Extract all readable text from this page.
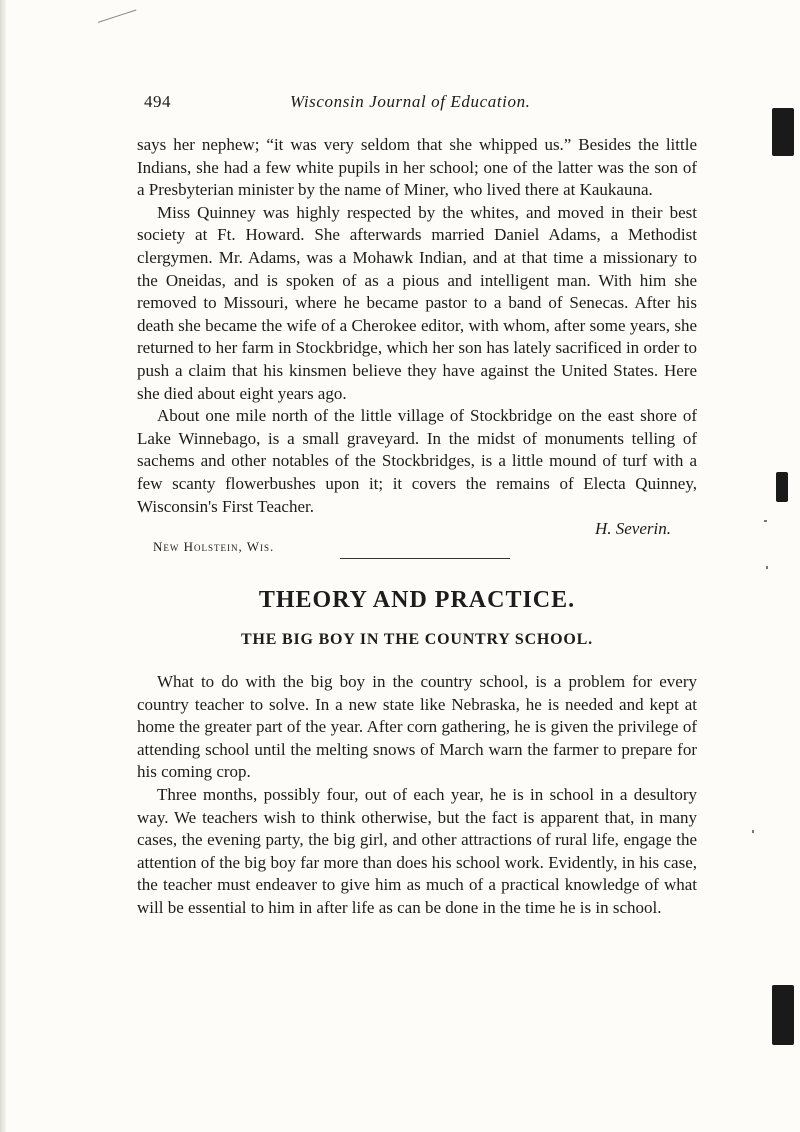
494	Wisconsin Journal of Education.

says her nephew; “it was very seldom that she whipped us.” Besides the little Indians, she had a few white pupils in her school; one of the latter was the son of a Presbyterian minister by the name of Miner, who lived there at Kaukauna.

Miss Quinney was highly respected by the whites, and moved in their best society at Ft. Howard. She afterwards married Daniel Adams, a Methodist clergymen. Mr. Adams, was a Mohawk Indian, and at that time a missionary to the Oneidas, and is spoken of as a pious and intelligent man. With him she removed to Missouri, where he became pastor to a band of Senecas. After his death she became the wife of a Cherokee editor, with whom, after some years, she returned to her farm in Stockbridge, which her son has lately sacrificed in order to push a claim that his kinsmen believe they have against the United States. Here she died about eight years ago.

About one mile north of the little village of Stockbridge on the east shore of Lake Winnebago, is a small graveyard. In the midst of monuments telling of sachems and other notables of the Stockbridges, is a little mound of turf with a few scanty flowerbushes upon it; it covers the remains of Electa Quinney, Wisconsin's First Teacher.

H. Severin.

New Holstein, Wis.

THEORY AND PRACTICE.
THE BIG BOY IN THE COUNTRY SCHOOL.

What to do with the big boy in the country school, is a problem for every country teacher to solve. In a new state like Nebraska, he is needed and kept at home the greater part of the year. After corn gathering, he is given the privilege of attending school until the melting snows of March warn the farmer to prepare for his coming crop.

Three months, possibly four, out of each year, he is in school in a desultory way. We teachers wish to think otherwise, but the fact is apparent that, in many cases, the evening party, the big girl, and other attractions of rural life, engage the attention of the big boy far more than does his school work. Evidently, in his case, the teacher must endeaver to give him as much of a practical knowledge of what will be essential to him in after life as can be done in the time he is in school.
